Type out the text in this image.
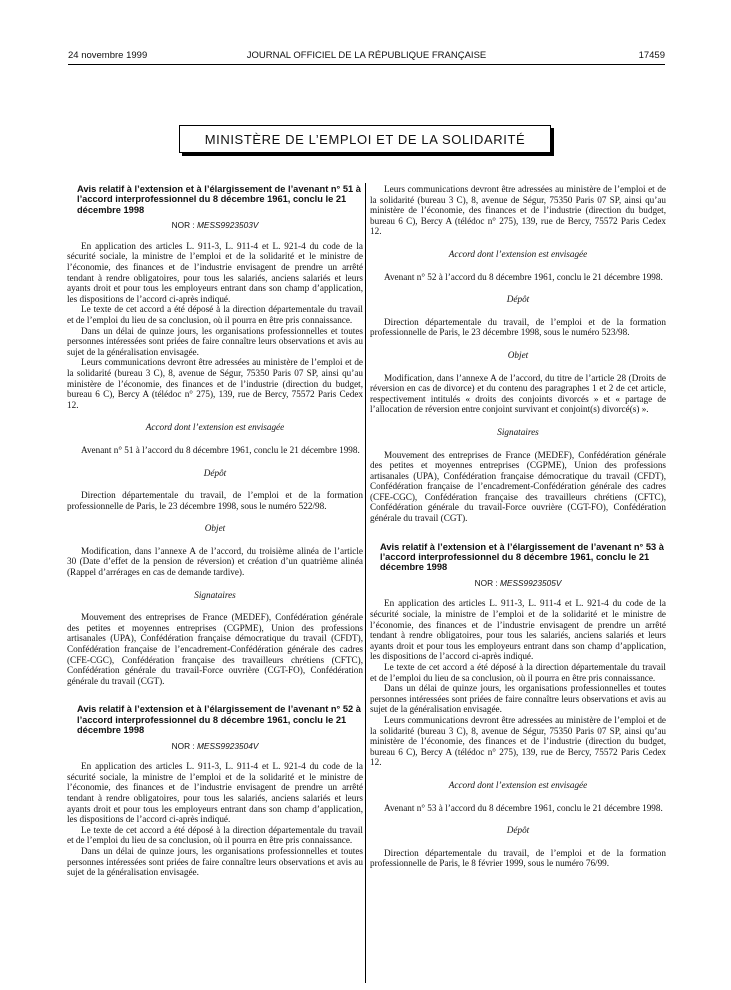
24 novembre 1999	JOURNAL OFFICIEL DE LA RÉPUBLIQUE FRANÇAISE	17459
MINISTÈRE DE L’EMPLOI ET DE LA SOLIDARITÉ
Avis relatif à l’extension et à l’élargissement de l’avenant n° 51 à l’accord interprofessionnel du 8 décembre 1961, conclu le 21 décembre 1998
NOR : MESS9923503V

En application des articles L. 911-3, L. 911-4 et L. 921-4 du code de la sécurité sociale, la ministre de l’emploi et de la solidarité et le ministre de l’économie, des finances et de l’industrie envisagent de prendre un arrêté tendant à rendre obligatoires, pour tous les salariés, anciens salariés et leurs ayants droit et pour tous les employeurs entrant dans son champ d’application, les dispositions de l’accord ci-après indiqué.

Le texte de cet accord a été déposé à la direction départementale du travail et de l’emploi du lieu de sa conclusion, où il pourra en être pris connaissance.

Dans un délai de quinze jours, les organisations professionnelles et toutes personnes intéressées sont priées de faire connaître leurs observations et avis au sujet de la généralisation envisagée.

Leurs communications devront être adressées au ministère de l’emploi et de la solidarité (bureau 3 C), 8, avenue de Ségur, 75350 Paris 07 SP, ainsi qu’au ministère de l’économie, des finances et de l’industrie (direction du budget, bureau 6 C), Bercy A (télédoc n° 275), 139, rue de Bercy, 75572 Paris Cedex 12.

Accord dont l’extension est envisagée

Avenant n° 51 à l’accord du 8 décembre 1961, conclu le 21 décembre 1998.

Dépôt

Direction départementale du travail, de l’emploi et de la formation professionnelle de Paris, le 23 décembre 1998, sous le numéro 522/98.

Objet

Modification, dans l’annexe A de l’accord, du troisième alinéa de l’article 30 (Date d’effet de la pension de réversion) et création d’un quatrième alinéa (Rappel d’arrérages en cas de demande tardive).

Signataires

Mouvement des entreprises de France (MEDEF), Confédération générale des petites et moyennes entreprises (CGPME), Union des professions artisanales (UPA), Confédération française démocratique du travail (CFDT), Confédération française de l’encadrement-Confédération générale des cadres (CFE-CGC), Confédération française des travailleurs chrétiens (CFTC), Confédération générale du travail-Force ouvrière (CGT-FO), Confédération générale du travail (CGT).

Avis relatif à l’extension et à l’élargissement de l’avenant n° 52 à l’accord interprofessionnel du 8 décembre 1961, conclu le 21 décembre 1998
NOR : MESS9923504V

En application des articles L. 911-3, L. 911-4 et L. 921-4 du code de la sécurité sociale, la ministre de l’emploi et de la solidarité et le ministre de l’économie, des finances et de l’industrie envisagent de prendre un arrêté tendant à rendre obligatoires, pour tous les salariés, anciens salariés et leurs ayants droit et pour tous les employeurs entrant dans son champ d’application, les dispositions de l’accord ci-après indiqué.

Le texte de cet accord a été déposé à la direction départementale du travail et de l’emploi du lieu de sa conclusion, où il pourra en être pris connaissance.

Dans un délai de quinze jours, les organisations professionnelles et toutes personnes intéressées sont priées de faire connaître leurs observations et avis au sujet de la généralisation envisagée.

Leurs communications devront être adressées au ministère de l’emploi et de la solidarité (bureau 3 C), 8, avenue de Ségur, 75350 Paris 07 SP, ainsi qu’au ministère de l’économie, des finances et de l’industrie (direction du budget, bureau 6 C), Bercy A (télédoc n° 275), 139, rue de Bercy, 75572 Paris Cedex 12.

Accord dont l’extension est envisagée

Avenant n° 52 à l’accord du 8 décembre 1961, conclu le 21 décembre 1998.

Dépôt

Direction départementale du travail, de l’emploi et de la formation professionnelle de Paris, le 23 décembre 1998, sous le numéro 523/98.

Objet

Modification, dans l’annexe A de l’accord, du titre de l’article 28 (Droits de réversion en cas de divorce) et du contenu des paragraphes 1 et 2 de cet article, respectivement intitulés « droits des conjoints divorcés » et « partage de l’allocation de réversion entre conjoint survivant et conjoint(s) divorcé(s) ».

Signataires

Mouvement des entreprises de France (MEDEF), Confédération générale des petites et moyennes entreprises (CGPME), Union des professions artisanales (UPA), Confédération française démocratique du travail (CFDT), Confédération française de l’encadrement-Confédération générale des cadres (CFE-CGC), Confédération française des travailleurs chrétiens (CFTC), Confédération générale du travail-Force ouvrière (CGT-FO), Confédération générale du travail (CGT).

Avis relatif à l’extension et à l’élargissement de l’avenant n° 53 à l’accord interprofessionnel du 8 décembre 1961, conclu le 21 décembre 1998
NOR : MESS9923505V

En application des articles L. 911-3, L. 911-4 et L. 921-4 du code de la sécurité sociale, la ministre de l’emploi et de la solidarité et le ministre de l’économie, des finances et de l’industrie envisagent de prendre un arrêté tendant à rendre obligatoires, pour tous les salariés, anciens salariés et leurs ayants droit et pour tous les employeurs entrant dans son champ d’application, les dispositions de l’accord ci-après indiqué.

Le texte de cet accord a été déposé à la direction départementale du travail et de l’emploi du lieu de sa conclusion, où il pourra en être pris connaissance.

Dans un délai de quinze jours, les organisations professionnelles et toutes personnes intéressées sont priées de faire connaître leurs observations et avis au sujet de la généralisation envisagée.

Leurs communications devront être adressées au ministère de l’emploi et de la solidarité (bureau 3 C), 8, avenue de Ségur, 75350 Paris 07 SP, ainsi qu’au ministère de l’économie, des finances et de l’industrie (direction du budget, bureau 6 C), Bercy A (télédoc n° 275), 139, rue de Bercy, 75572 Paris Cedex 12.

Accord dont l’extension est envisagée

Avenant n° 53 à l’accord du 8 décembre 1961, conclu le 21 décembre 1998.

Dépôt

Direction départementale du travail, de l’emploi et de la formation professionnelle de Paris, le 8 février 1999, sous le numéro 76/99.
